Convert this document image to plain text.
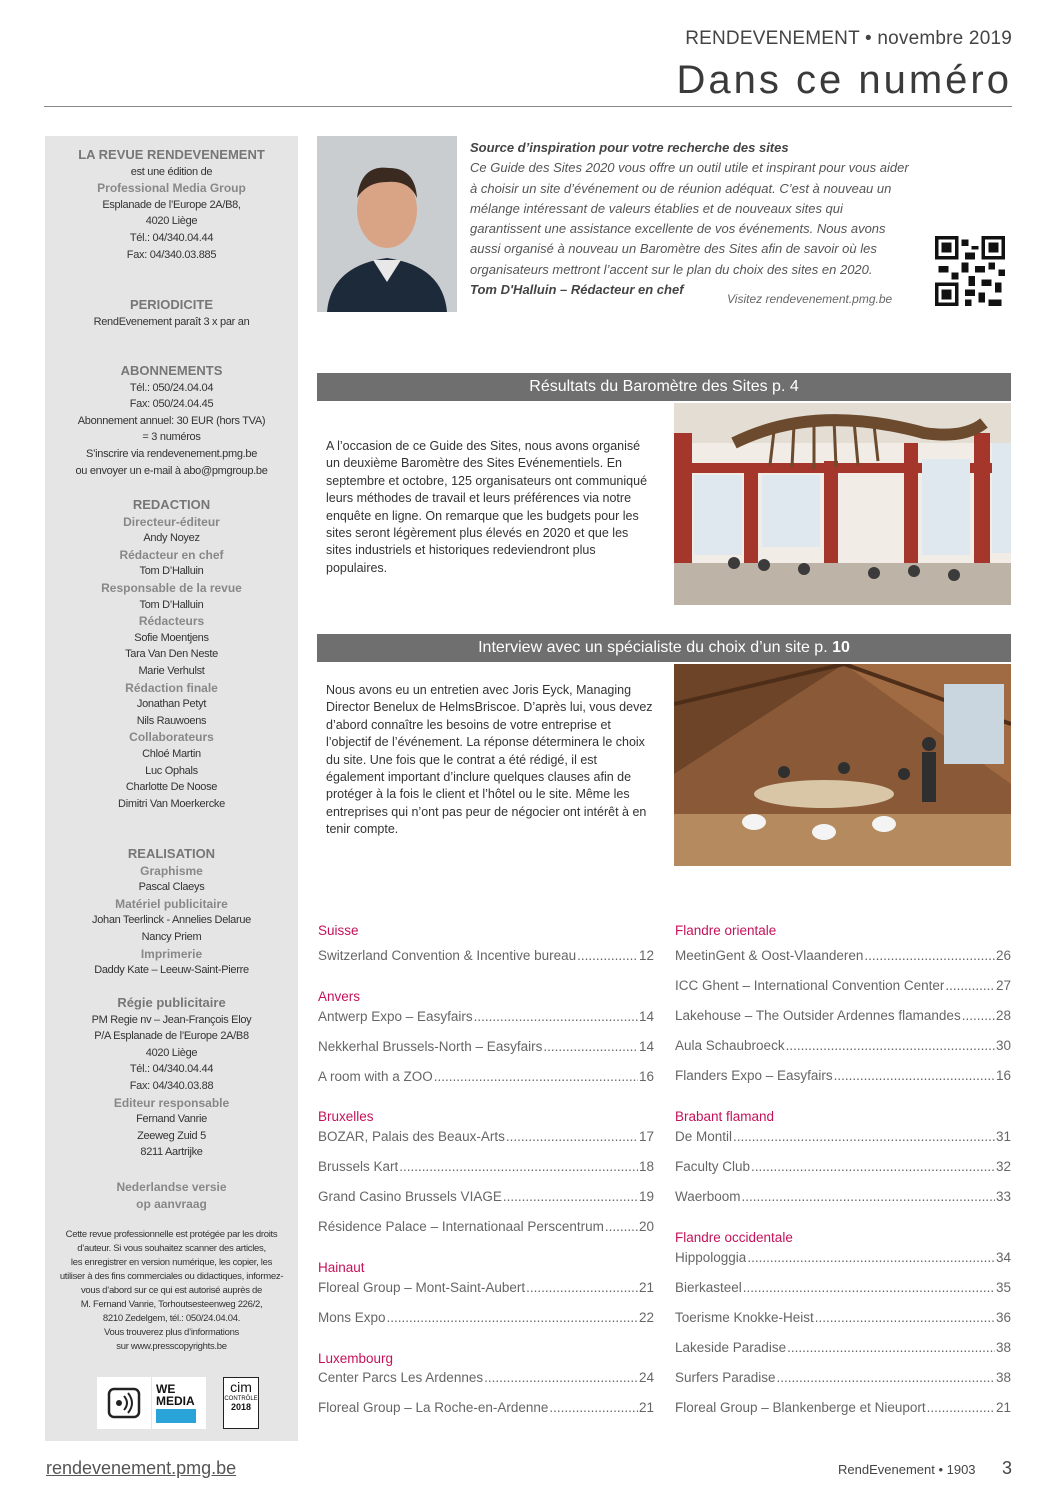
RENDEVENEMENT • novembre 2019
Dans ce numéro
LA REVUE RENDEVENEMENT
est une édition de
Professional Media Group
Esplanade de l’Europe 2A/B8,
4020 Liège
Tél.: 04/340.04.44
Fax: 04/340.03.885
PERIODICITE
RendEvenement paraît 3 x par an
ABONNEMENTS
Tél.: 050/24.04.04
Fax: 050/24.04.45
Abonnement annuel: 30 EUR (hors TVA)
= 3 numéros
S’inscrire via rendevenement.pmg.be
ou envoyer un e-mail à abo@pmgroup.be
REDACTION
Directeur-éditeur
Andy Noyez
Rédacteur en chef
Tom D’Halluin
Responsable de la revue
Tom D’Halluin
Rédacteurs
Sofie Moentjens
Tara Van Den Neste
Marie Verhulst
Rédaction finale
Jonathan Petyt
Nils Rauwoens
Collaborateurs
Chloé Martin
Luc Ophals
Charlotte De Noose
Dimitri Van Moerkercke
REALISATION
Graphisme
Pascal Claeys
Matériel publicitaire
Johan Teerlinck - Annelies Delarue
Nancy Priem
Imprimerie
Daddy Kate – Leeuw-Saint-Pierre
Régie publicitaire
PM Regie nv – Jean-François Eloy
P/A Esplanade de l’Europe 2A/B8
4020 Liège
Tél.: 04/340.04.44
Fax: 04/340.03.88
Editeur responsable
Fernand Vanrie
Zeeweg Zuid 5
8211 Aartrijke
Nederlandse versie
op aanvraag
Cette revue professionnelle est protégée par les droits
d’auteur. Si vous souhaitez scanner des articles,
les enregistrer en version numérique, les copier, les
utiliser à des fins commerciales ou didactiques, informez-
vous d’abord sur ce qui est autorisé auprès de
M. Fernand Vanrie, Torhoutsesteenweg 226/2,
8210 Zedelgem, tél.: 050/24.04.04.
Vous trouverez plus d’informations
sur www.presscopyrights.be
WE
MEDIA
cim
CONTRÔLE
2018
Source d’inspiration pour votre recherche des sites
Ce Guide des Sites 2020 vous offre un outil utile et inspirant pour vous aider à choisir un site d’événement ou de réunion adéquat. C’est à nouveau un mélange intéressant de valeurs établies et de nouveaux sites qui garantissent une assistance excellente de vos événements. Nous avons aussi organisé à nouveau un Baromètre des Sites afin de savoir où les organisateurs mettront l’accent sur le plan du choix des sites en 2020.
Tom D'Halluin – Rédacteur en chef
Visitez rendevenement.pmg.be
Résultats du Baromètre des Sites p. 4
A l’occasion de ce Guide des Sites, nous avons organisé un deuxième Baromètre des Sites Evénementiels. En septembre et octobre, 125 organisateurs ont communiqué leurs méthodes de travail et leurs préférences via notre enquête en ligne. On remarque que les budgets pour les sites seront légèrement plus élevés en 2020 et que les sites industriels et historiques redeviendront plus populaires.
Interview avec un spécialiste du choix d’un site p. 10
Nous avons eu un entretien avec Joris Eyck, Managing Director Benelux de HelmsBriscoe. D’après lui, vous devez d’abord connaître les besoins de votre entreprise et l’objectif de l’événement. La réponse déterminera le choix du site. Une fois que le contrat a été rédigé, il est également important d’inclure quelques clauses afin de protéger à la fois le client et l’hôtel ou le site. Même les entreprises qui n’ont pas peur de négocier ont intérêt à en tenir compte.
Suisse
Switzerland Convention & Incentive bureau .....	12
Anvers
Antwerp Expo – Easyfairs .....	14
Nekkerhal Brussels-North – Easyfairs .....	14
A room with a ZOO .....	16
Bruxelles
BOZAR, Palais des Beaux-Arts .....	17
Brussels Kart .....	18
Grand Casino Brussels VIAGE .....	19
Résidence Palace – Internationaal Perscentrum .....	20
Hainaut
Floreal Group – Mont-Saint-Aubert .....	21
Mons Expo .....	22
Luxembourg
Center Parcs Les Ardennes .....	24
Floreal Group – La Roche-en-Ardenne .....	21
Flandre orientale
MeetinGent & Oost-Vlaanderen .....	26
ICC Ghent – International Convention Center .....	27
Lakehouse – The Outsider Ardennes flamandes .....	28
Aula Schaubroeck .....	30
Flanders Expo – Easyfairs .....	16
Brabant flamand
De Montil .....	31
Faculty Club .....	32
Waerboom .....	33
Flandre occidentale
Hippologgia .....	34
Bierkasteel .....	35
Toerisme Knokke-Heist .....	36
Lakeside Paradise .....	38
Surfers Paradise .....	38
Floreal Group – Blankenberge et Nieuport .....	21
rendevenement.pmg.be	RendEvenement • 1903 3
